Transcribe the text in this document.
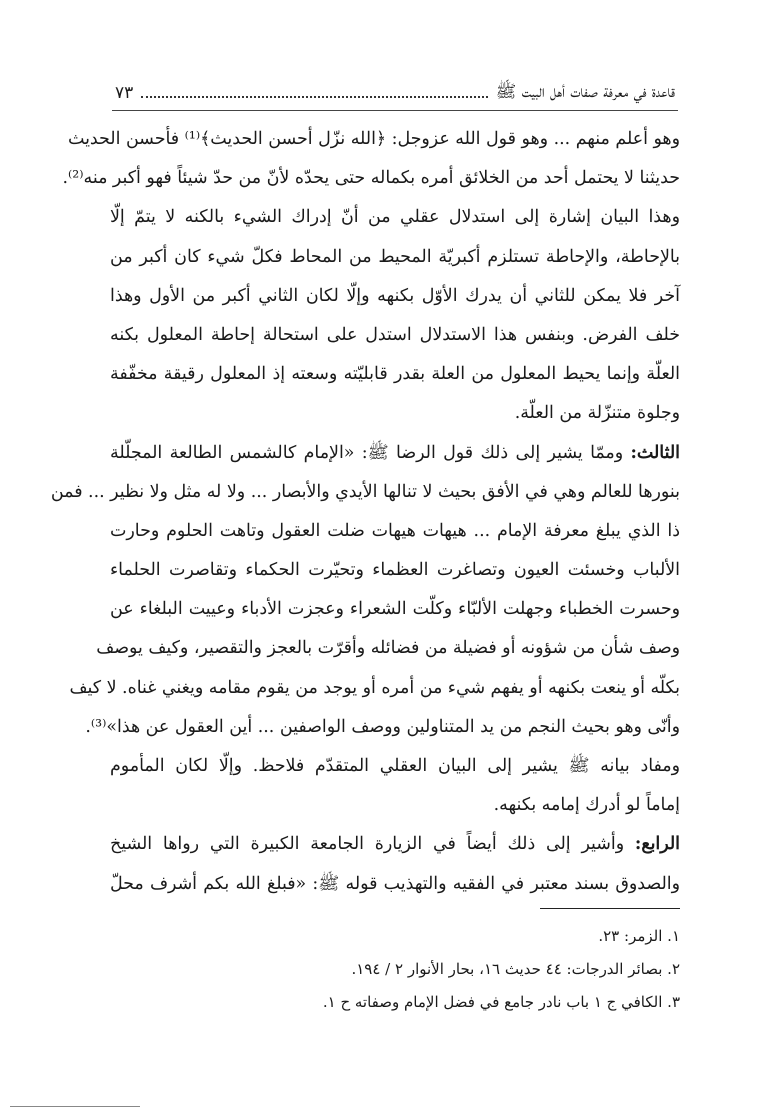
قاعدة في معرفة صفات أهل البيت ﷺ
٧٣
وهو أعلم منهم ... وهو قول الله عزوجل: ﴿الله نزّل أحسن الحديث﴾⁽¹⁾ فأحسن الحديث
حديثنا لا يحتمل أحد من الخلائق أمره بكماله حتى يحدّه لأنّ من حدّ شيئاً فهو أكبر منه⁽²⁾.
وهذا البيان إشارة إلى استدلال عقلي من أنّ إدراك الشيء بالكنه لا يتمّ إلّا
بالإحاطة، والإحاطة تستلزم أكبريّة المحيط من المحاط فكلّ شيء كان أكبر من
آخر فلا يمكن للثاني أن يدرك الأوّل بكنهه وإلّا لكان الثاني أكبر من الأول وهذا
خلف الفرض. وبنفس هذا الاستدلال استدل على استحالة إحاطة المعلول بكنه
العلّة وإنما يحيط المعلول من العلة بقدر قابليّته وسعته إذ المعلول رقيقة مخفّفة
وجلوة متنزّلة من العلّة.
الثالث: وممّا يشير إلى ذلك قول الرضا ﷺ: «الإمام كالشمس الطالعة المجلّلة
بنورها للعالم وهي في الأفق بحيث لا تنالها الأيدي والأبصار ... ولا له مثل ولا نظير ... فمن
ذا الذي يبلغ معرفة الإمام ... هيهات هيهات ضلت العقول وتاهت الحلوم وحارت
الألباب وخسئت العيون وتصاغرت العظماء وتحيّرت الحكماء وتقاصرت الحلماء
وحسرت الخطباء وجهلت الألبّاء وكلّت الشعراء وعجزت الأدباء وعييت البلغاء عن
وصف شأن من شؤونه أو فضيلة من فضائله وأقرّت بالعجز والتقصير، وكيف يوصف
بكلّه أو ينعت بكنهه أو يفهم شيء من أمره أو يوجد من يقوم مقامه ويغني غناه. لا كيف
وأنّى وهو بحيث النجم من يد المتناولين ووصف الواصفين ... أين العقول عن هذا»⁽³⁾.
ومفاد بيانه ﷺ يشير إلى البيان العقلي المتقدّم فلاحظ. وإلّا لكان المأموم
إماماً لو أدرك إمامه بكنهه.
الرابع: وأشير إلى ذلك أيضاً في الزيارة الجامعة الكبيرة التي رواها الشيخ
والصدوق بسند معتبر في الفقيه والتهذيب قوله ﷺ: «فبلغ الله بكم أشرف محلّ
١. الزمر: ٢٣.
٢. بصائر الدرجات: ٤٤ حديث ١٦، بحار الأنوار ٢ / ١٩٤.
٣. الكافي ج ١ باب نادر جامع في فضل الإمام وصفاته ح ١.
